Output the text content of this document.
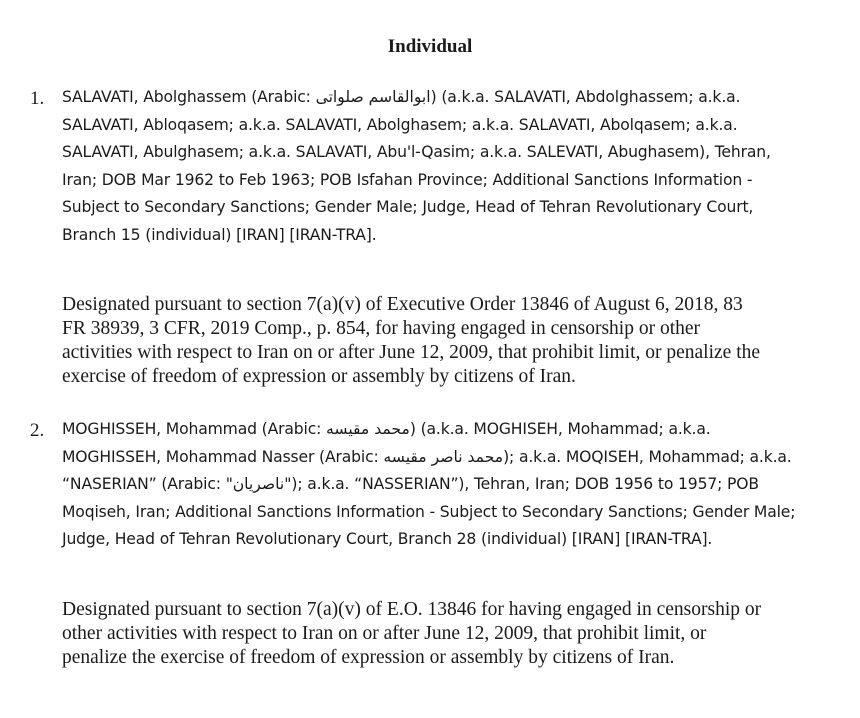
Individual
1. SALAVATI, Abolghassem (Arabic: ابوالقاسم صلواتی) (a.k.a. SALAVATI, Abdolghassem; a.k.a.
SALAVATI, Abloqasem; a.k.a. SALAVATI, Abolghasem; a.k.a. SALAVATI, Abolqasem; a.k.a.
SALAVATI, Abulghasem; a.k.a. SALAVATI, Abu'l-Qasim; a.k.a. SALEVATI, Abughasem), Tehran,
Iran; DOB Mar 1962 to Feb 1963; POB Isfahan Province; Additional Sanctions Information -
Subject to Secondary Sanctions; Gender Male; Judge, Head of Tehran Revolutionary Court,
Branch 15 (individual) [IRAN] [IRAN-TRA].
Designated pursuant to section 7(a)(v) of Executive Order 13846 of August 6, 2018, 83
FR 38939, 3 CFR, 2019 Comp., p. 854, for having engaged in censorship or other
activities with respect to Iran on or after June 12, 2009, that prohibit limit, or penalize the
exercise of freedom of expression or assembly by citizens of Iran.
2. MOGHISSEH, Mohammad (Arabic: محمد مقیسه) (a.k.a. MOGHISEH, Mohammad; a.k.a.
MOGHISSEH, Mohammad Nasser (Arabic: محمد ناصر مقیسه); a.k.a. MOQISEH, Mohammad; a.k.a.
“NASERIAN” (Arabic: "ناصریان"); a.k.a. “NASSERIAN”), Tehran, Iran; DOB 1956 to 1957; POB
Moqiseh, Iran; Additional Sanctions Information - Subject to Secondary Sanctions; Gender Male;
Judge, Head of Tehran Revolutionary Court, Branch 28 (individual) [IRAN] [IRAN-TRA].
Designated pursuant to section 7(a)(v) of E.O. 13846 for having engaged in censorship or
other activities with respect to Iran on or after June 12, 2009, that prohibit limit, or
penalize the exercise of freedom of expression or assembly by citizens of Iran.
